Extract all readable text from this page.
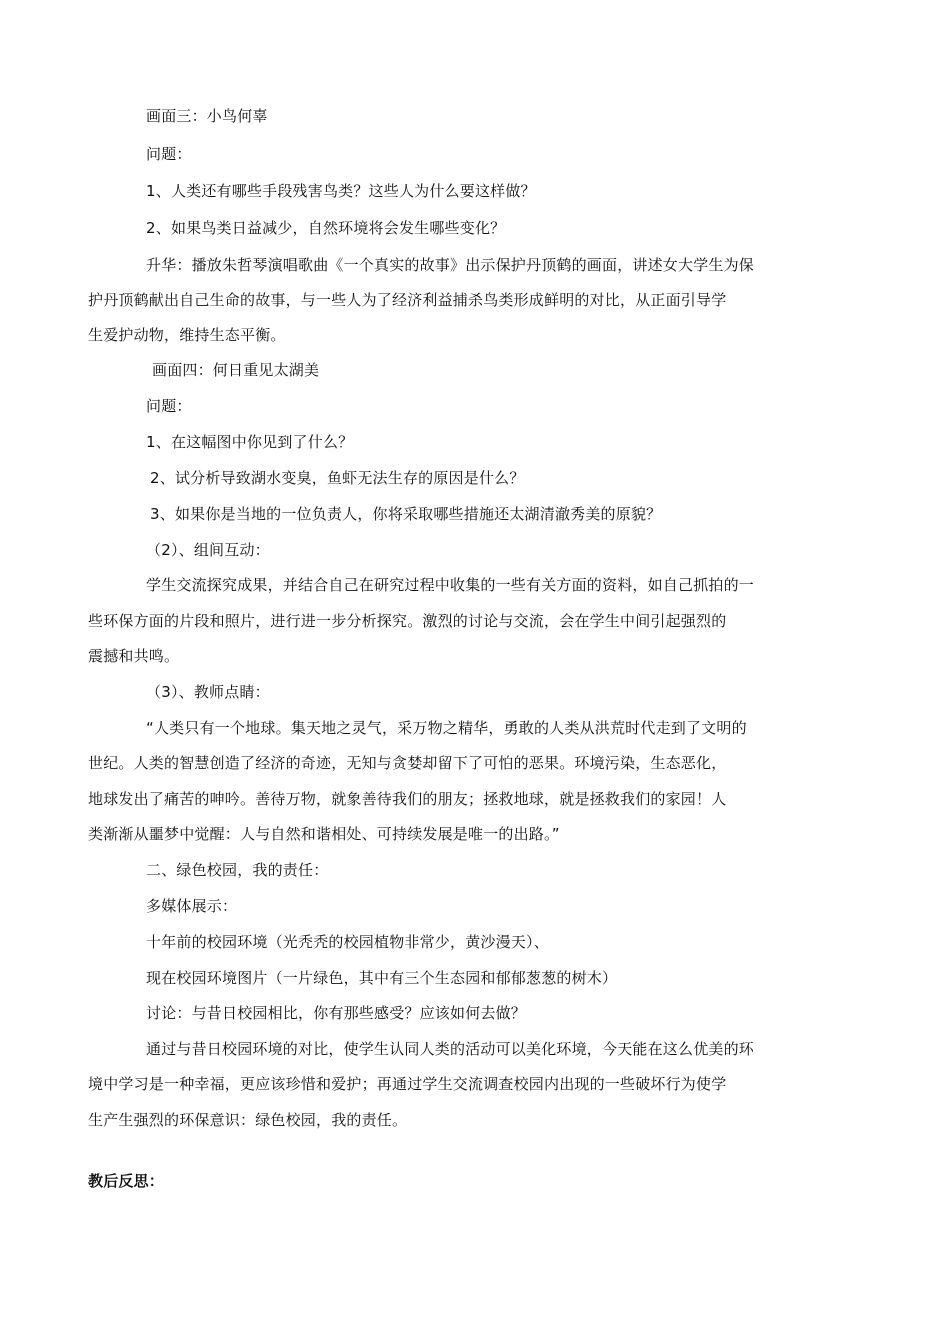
画面三：小鸟何辜
问题：
1、人类还有哪些手段残害鸟类？这些人为什么要这样做？
2、如果鸟类日益减少，自然环境将会发生哪些变化？
升华：播放朱哲琴演唱歌曲《一个真实的故事》出示保护丹顶鹤的画面，讲述女大学生为保
护丹顶鹤献出自己生命的故事，与一些人为了经济利益捕杀鸟类形成鲜明的对比，从正面引导学
生爱护动物，维持生态平衡。
画面四：何日重见太湖美
问题：
1、在这幅图中你见到了什么？
2、试分析导致湖水变臭，鱼虾无法生存的原因是什么？
3、如果你是当地的一位负责人，你将采取哪些措施还太湖清澈秀美的原貌？
（2）、组间互动：
学生交流探究成果，并结合自己在研究过程中收集的一些有关方面的资料，如自己抓拍的一
些环保方面的片段和照片，进行进一步分析探究。激烈的讨论与交流，会在学生中间引起强烈的
震撼和共鸣。
（3）、教师点睛：
“人类只有一个地球。集天地之灵气，采万物之精华，勇敢的人类从洪荒时代走到了文明的
世纪。人类的智慧创造了经济的奇迹，无知与贪婪却留下了可怕的恶果。环境污染，生态恶化，
地球发出了痛苦的呻吟。善待万物，就象善待我们的朋友；拯救地球，就是拯救我们的家园！人
类渐渐从噩梦中觉醒：人与自然和谐相处、可持续发展是唯一的出路。”
二、绿色校园，我的责任：
多媒体展示：
十年前的校园环境（光秃秃的校园植物非常少，黄沙漫天）、
现在校园环境图片（一片绿色，其中有三个生态园和郁郁葱葱的树木）
讨论：与昔日校园相比，你有那些感受？应该如何去做？
通过与昔日校园环境的对比，使学生认同人类的活动可以美化环境，今天能在这么优美的环
境中学习是一种幸福，更应该珍惜和爱护；再通过学生交流调查校园内出现的一些破坏行为使学
生产生强烈的环保意识：绿色校园，我的责任。
教后反思：
